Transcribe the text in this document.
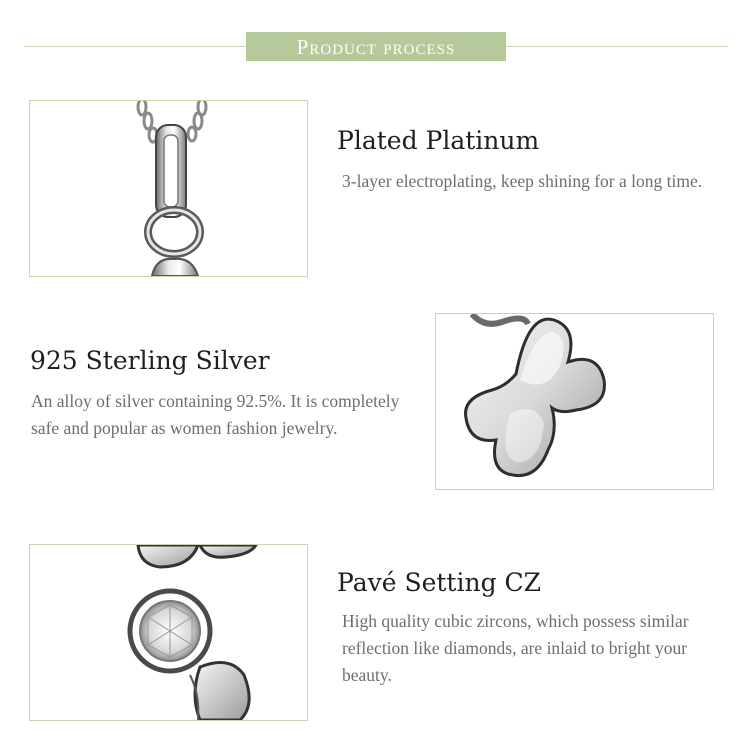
Product process
Plated Platinum
3-layer electroplating, keep shining for a long time.
925 Sterling Silver
An alloy of silver containing 92.5%. It is completely safe and popular as women fashion jewelry.
Pavé Setting CZ
High quality cubic zircons, which possess similar reflection like diamonds, are inlaid to bright your beauty.
